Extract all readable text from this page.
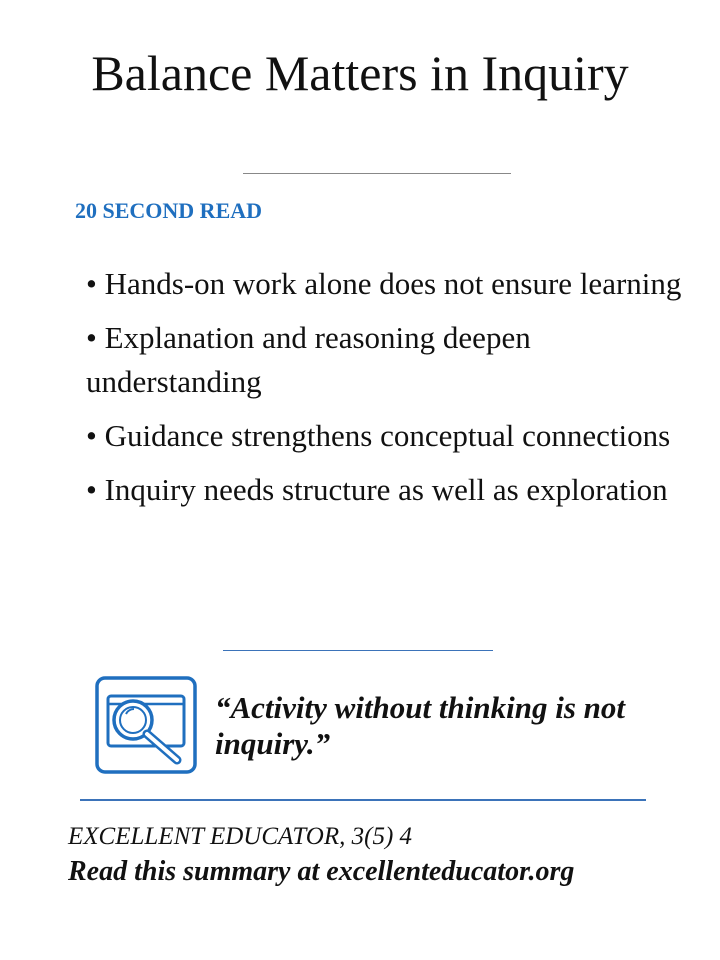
Balance Matters in Inquiry
20 SECOND READ
• Hands-on work alone does not ensure learning
• Explanation and reasoning deepen understanding
• Guidance strengthens conceptual connections
• Inquiry needs structure as well as exploration
“Activity without thinking is not inquiry.”
EXCELLENT EDUCATOR, 3(5) 4
Read this summary at excellenteducator.org
